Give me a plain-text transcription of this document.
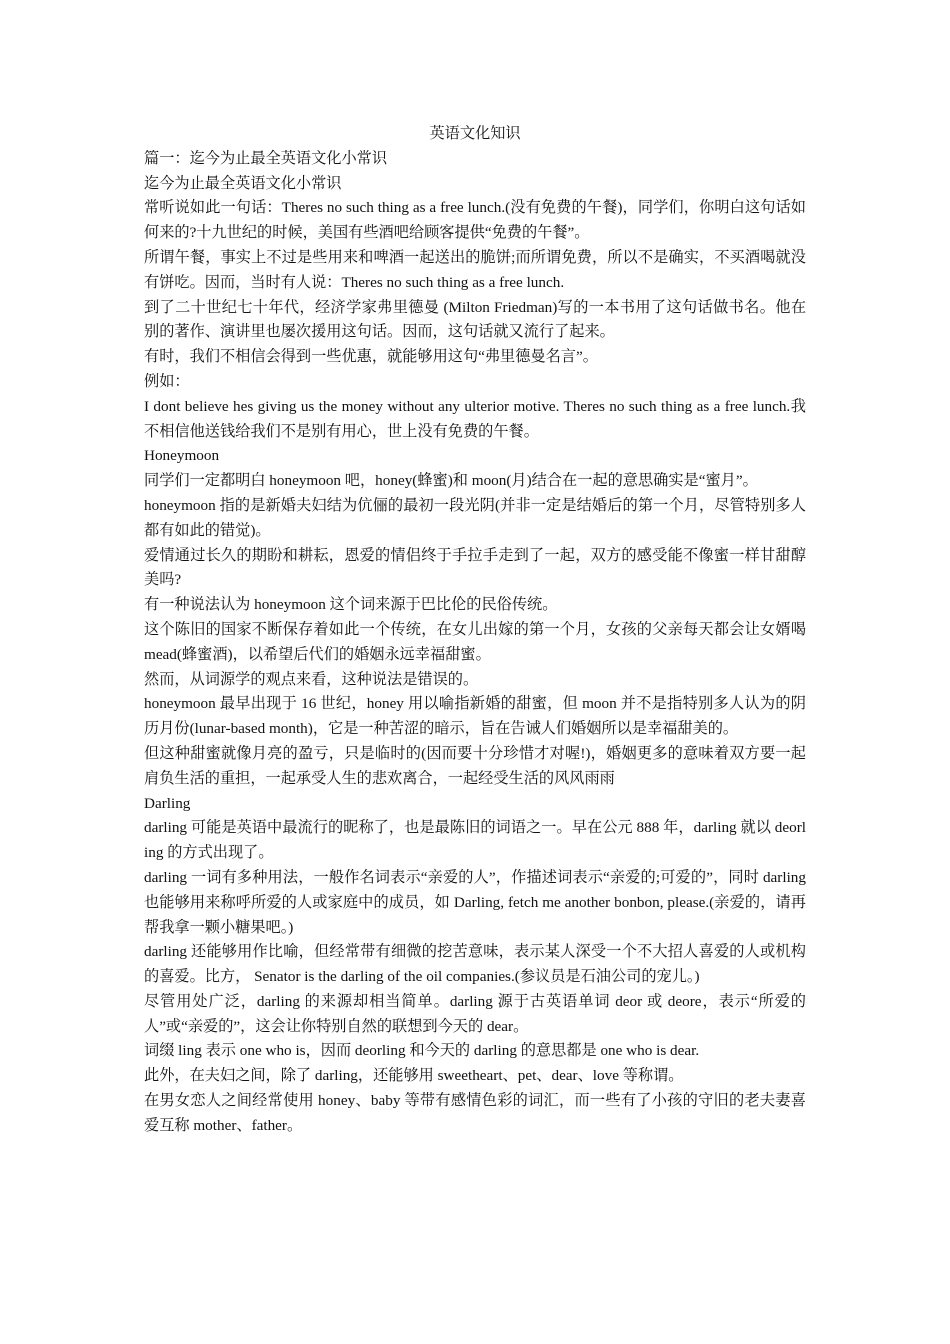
英语文化知识

篇一：迄今为止最全英语文化小常识

迄今为止最全英语文化小常识

常听说如此一句话：Theres no such thing as a free lunch.(没有免费的午餐)，同学们，你明白这句话如何来的?十九世纪的时候，美国有些酒吧给顾客提供“免费的午餐”。

所谓午餐，事实上不过是些用来和啤酒一起送出的脆饼;而所谓免费，所以不是确实，不买酒喝就没有饼吃。因而，当时有人说：Theres no such thing as a free lunch.

到了二十世纪七十年代，经济学家弗里德曼 (Milton Friedman)写的一本书用了这句话做书名。他在别的著作、演讲里也屡次援用这句话。因而，这句话就又流行了起来。

有时，我们不相信会得到一些优惠，就能够用这句“弗里德曼名言”。

例如：

I dont believe hes giving us the money without any ulterior motive. Theres no such thing as a free lunch.我不相信他送钱给我们不是别有用心，世上没有免费的午餐。

Honeymoon

同学们一定都明白 honeymoon 吧，honey(蜂蜜)和 moon(月)结合在一起的意思确实是“蜜月”。

honeymoon 指的是新婚夫妇结为伉俪的最初一段光阴(并非一定是结婚后的第一个月，尽管特别多人都有如此的错觉)。

爱情通过长久的期盼和耕耘，恩爱的情侣终于手拉手走到了一起，双方的感受能不像蜜一样甘甜醇美吗?

有一种说法认为 honeymoon 这个词来源于巴比伦的民俗传统。

这个陈旧的国家不断保存着如此一个传统，在女儿出嫁的第一个月，女孩的父亲每天都会让女婿喝 mead(蜂蜜酒)，以希望后代们的婚姻永远幸福甜蜜。

然而，从词源学的观点来看，这种说法是错误的。

honeymoon 最早出现于 16 世纪，honey 用以喻指新婚的甜蜜，但 moon 并不是指特别多人认为的阴历月份(lunar-based month)，它是一种苦涩的暗示，旨在告诫人们婚姻所以是幸福甜美的。

但这种甜蜜就像月亮的盈亏，只是临时的(因而要十分珍惜才对喔!)，婚姻更多的意味着双方要一起肩负生活的重担，一起承受人生的悲欢离合，一起经受生活的风风雨雨

Darling

darling 可能是英语中最流行的昵称了，也是最陈旧的词语之一。早在公元 888 年，darling 就以 deorling 的方式出现了。

darling 一词有多种用法，一般作名词表示“亲爱的人”，作描述词表示“亲爱的;可爱的”，同时 darling 也能够用来称呼所爱的人或家庭中的成员，如 Darling, fetch me another bonbon, please.(亲爱的，请再帮我拿一颗小糖果吧。)

darling 还能够用作比喻，但经常带有细微的挖苦意味，表示某人深受一个不大招人喜爱的人或机构的喜爱。比方， Senator is the darling of the oil companies.(参议员是石油公司的宠儿。)

尽管用处广泛，darling 的来源却相当简单。darling 源于古英语单词 deor 或 deore，表示“所爱的人”或“亲爱的”，这会让你特别自然的联想到今天的 dear。

词缀 ling 表示 one who is，因而 deorling 和今天的 darling 的意思都是 one who is dear.

此外，在夫妇之间，除了 darling，还能够用 sweetheart、pet、dear、love 等称谓。

在男女恋人之间经常使用 honey、baby 等带有感情色彩的词汇，而一些有了小孩的守旧的老夫妻喜爱互称 mother、father。
